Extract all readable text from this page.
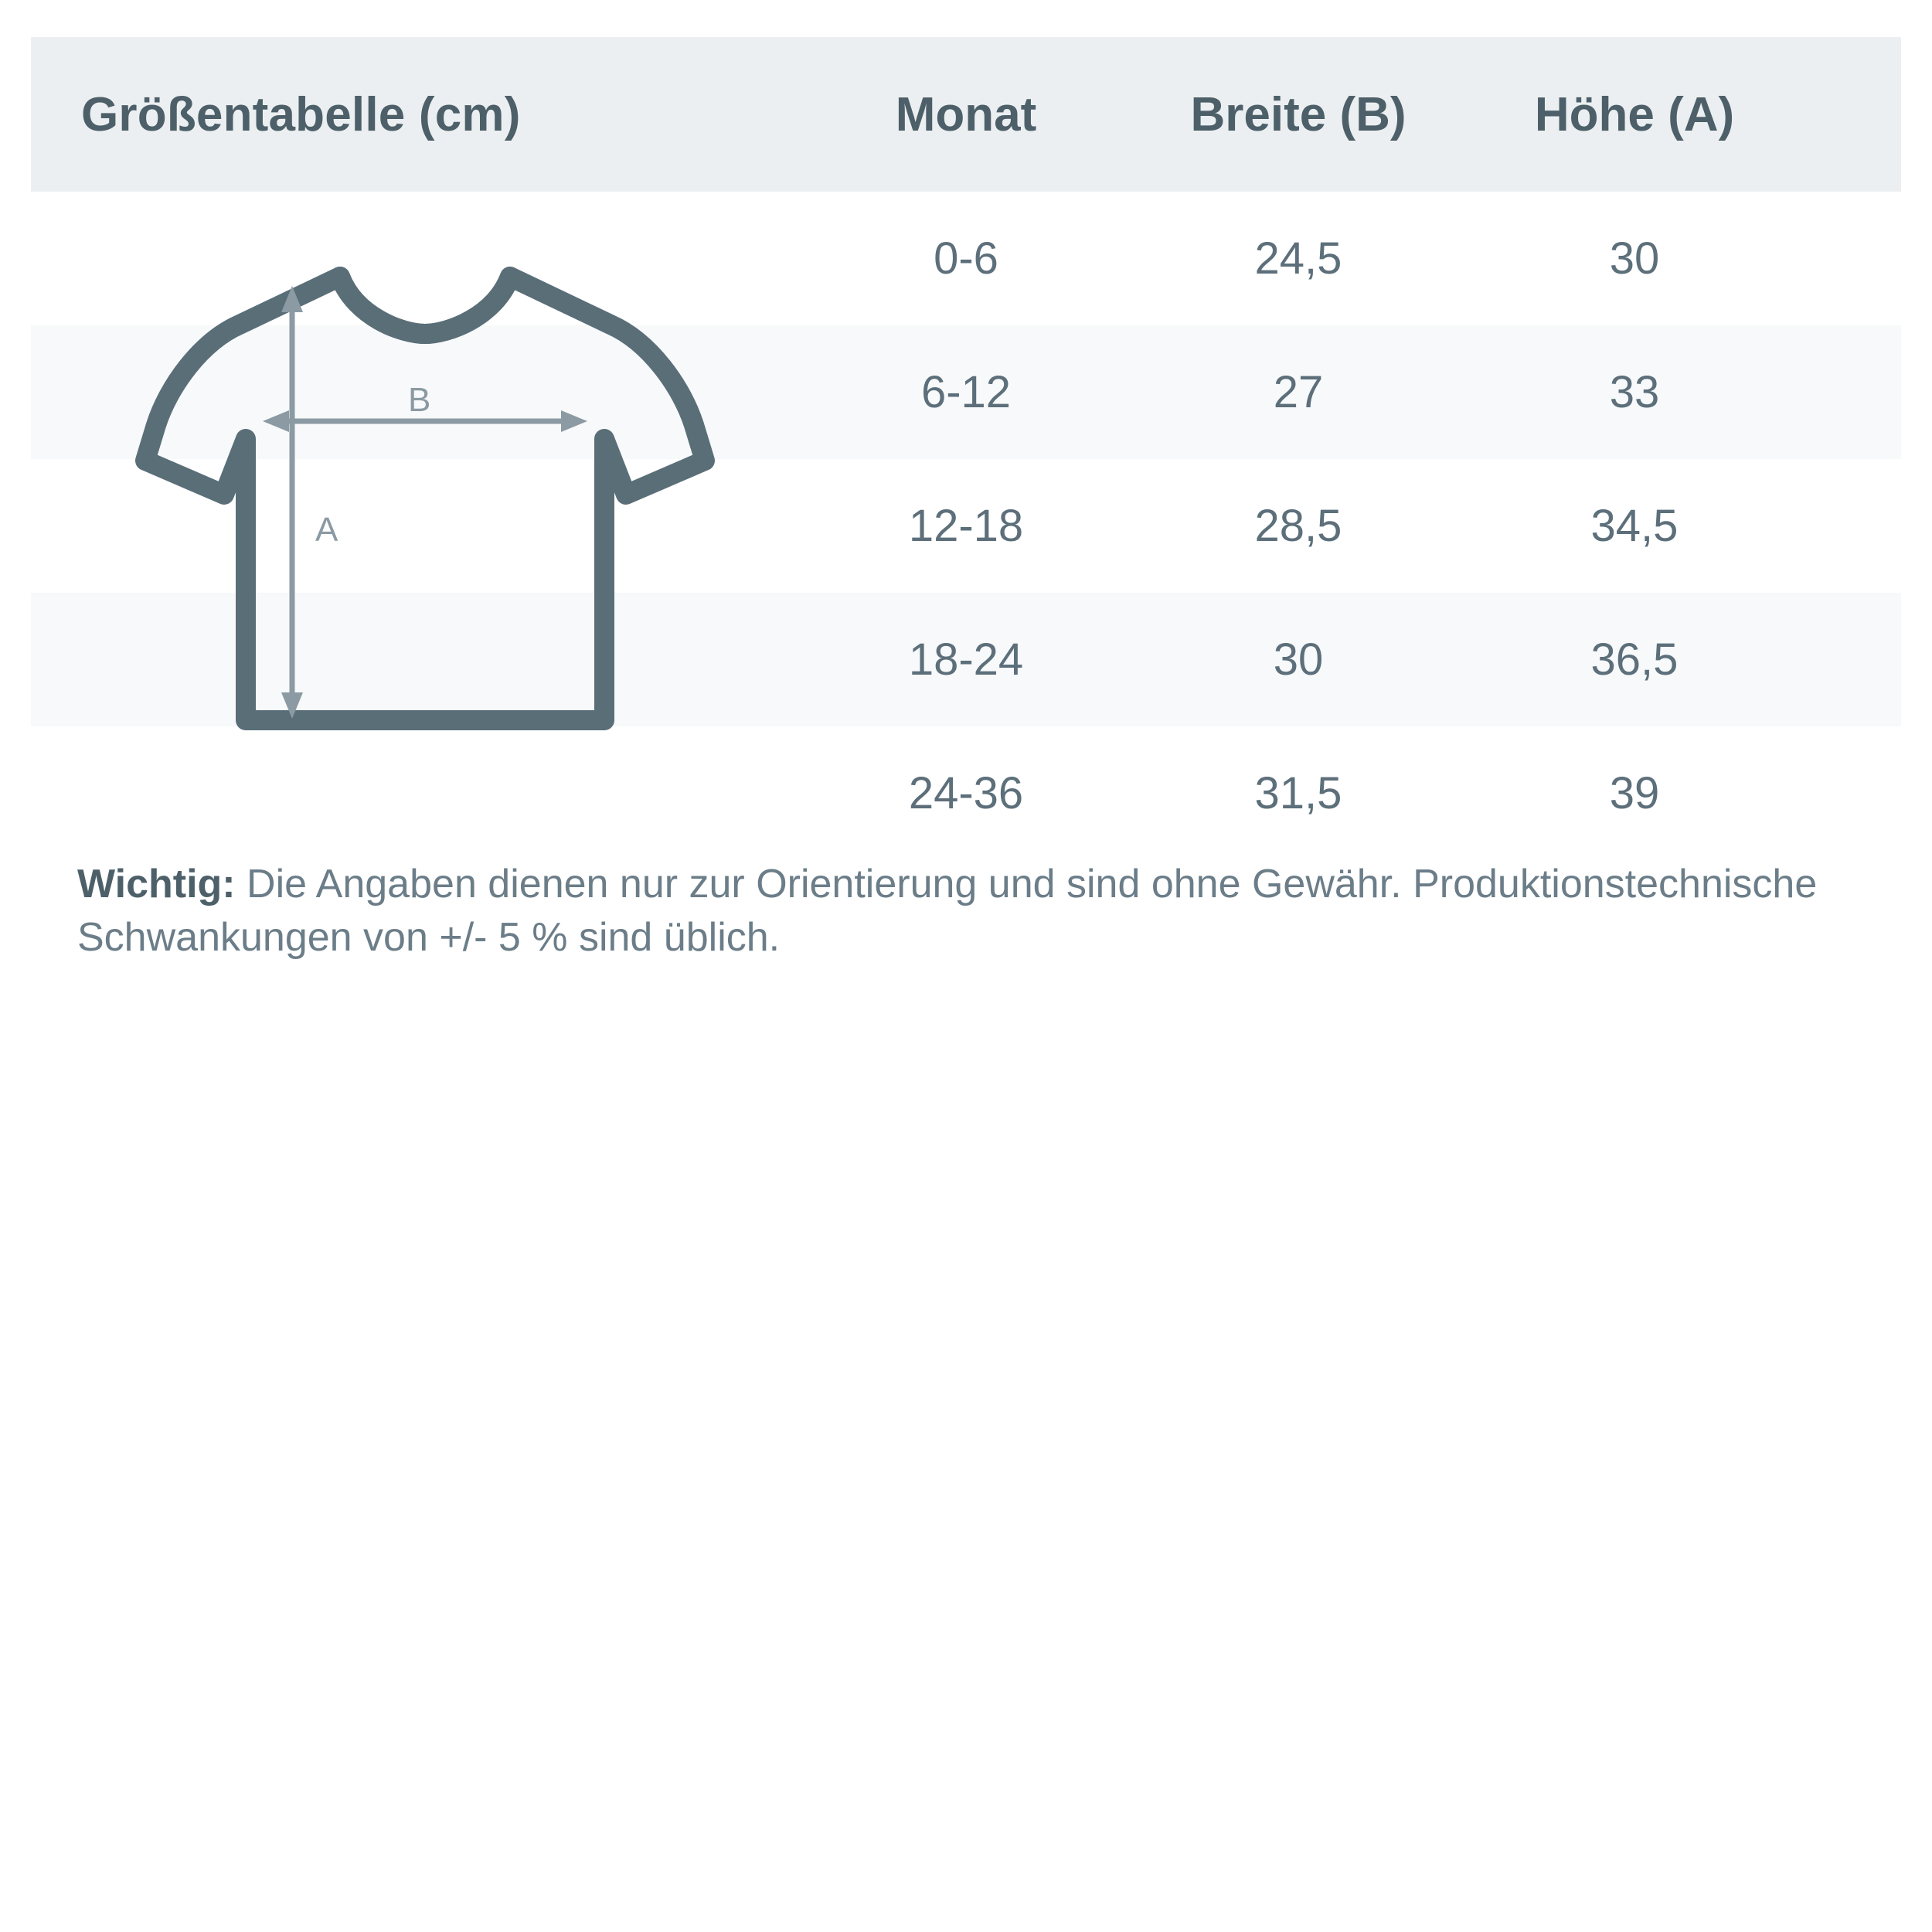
Größentabelle (cm)	Monat	Breite (B)	Höhe (A)
0-6	24,5	30
6-12	27	33
12-18	28,5	34,5
18-24	30	36,5
24-36	31,5	39
A
B
Wichtig: Die Angaben dienen nur zur Orientierung und sind ohne Gewähr. Produktionstechnische Schwankungen von +/- 5 % sind üblich.
